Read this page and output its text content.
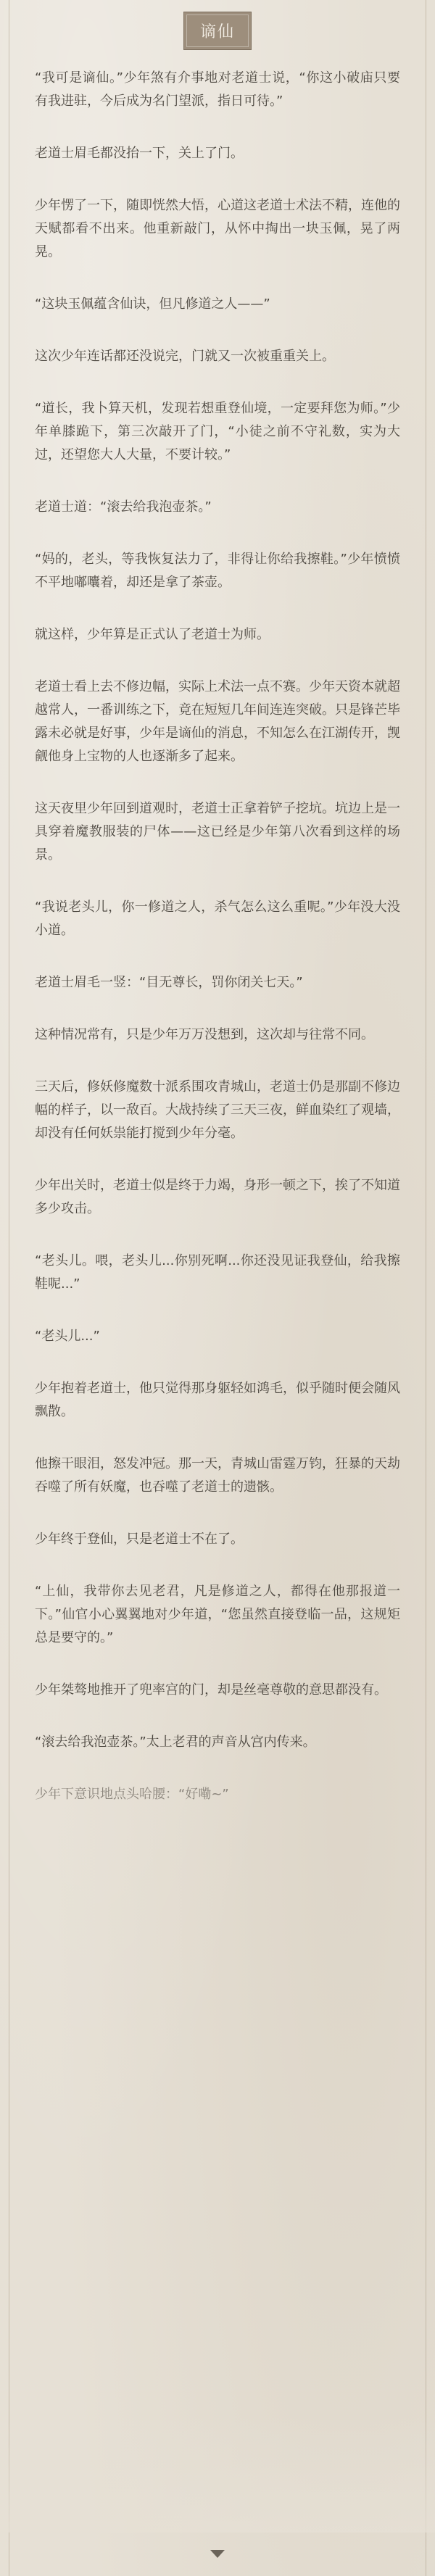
谪仙

“我可是谪仙。”少年煞有介事地对老道士说，“你这小破庙只要有我进驻，今后成为名门望派，指日可待。”

老道士眉毛都没抬一下，关上了门。

少年愣了一下，随即恍然大悟，心道这老道士术法不精，连他的天赋都看不出来。他重新敲门，从怀中掏出一块玉佩，晃了两晃。

“这块玉佩蕴含仙诀，但凡修道之人——”

这次少年连话都还没说完，门就又一次被重重关上。

“道长，我卜算天机，发现若想重登仙境，一定要拜您为师。”少年单膝跪下，第三次敲开了门，“小徒之前不守礼数，实为大过，还望您大人大量，不要计较。”

老道士道：“滚去给我泡壶茶。”

“妈的，老头，等我恢复法力了，非得让你给我擦鞋。”少年愤愤不平地嘟囔着，却还是拿了茶壶。

就这样，少年算是正式认了老道士为师。

老道士看上去不修边幅，实际上术法一点不赛。少年天资本就超越常人，一番训练之下，竟在短短几年间连连突破。只是锋芒毕露未必就是好事，少年是谪仙的消息，不知怎么在江湖传开，觊觎他身上宝物的人也逐渐多了起来。

这天夜里少年回到道观时，老道士正拿着铲子挖坑。坑边上是一具穿着魔教服装的尸体——这已经是少年第八次看到这样的场景。

“我说老头儿，你一修道之人，杀气怎么这么重呢。”少年没大没小道。

老道士眉毛一竖：“目无尊长，罚你闭关七天。”

这种情况常有，只是少年万万没想到，这次却与往常不同。

三天后，修妖修魔数十派系围攻青城山，老道士仍是那副不修边幅的样子，以一敌百。大战持续了三天三夜，鲜血染红了观墙，却没有任何妖祟能打搅到少年分毫。

少年出关时，老道士似是终于力竭，身形一顿之下，挨了不知道多少攻击。

“老头儿。喂，老头儿...你别死啊...你还没见证我登仙，给我擦鞋呢...”

“老头儿...”

少年抱着老道士，他只觉得那身躯轻如鸿毛，似乎随时便会随风飘散。

他擦干眼泪，怒发冲冠。那一天，青城山雷霆万钧，狂暴的天劫吞噬了所有妖魔，也吞噬了老道士的遗骸。

少年终于登仙，只是老道士不在了。

“上仙，我带你去见老君，凡是修道之人，都得在他那报道一下。”仙官小心翼翼地对少年道，“您虽然直接登临一品，这规矩总是要守的。”

少年桀骜地推开了兜率宫的门，却是丝毫尊敬的意思都没有。

“滚去给我泡壶茶。”太上老君的声音从宫内传来。

少年下意识地点头哈腰：“好嘞~”
